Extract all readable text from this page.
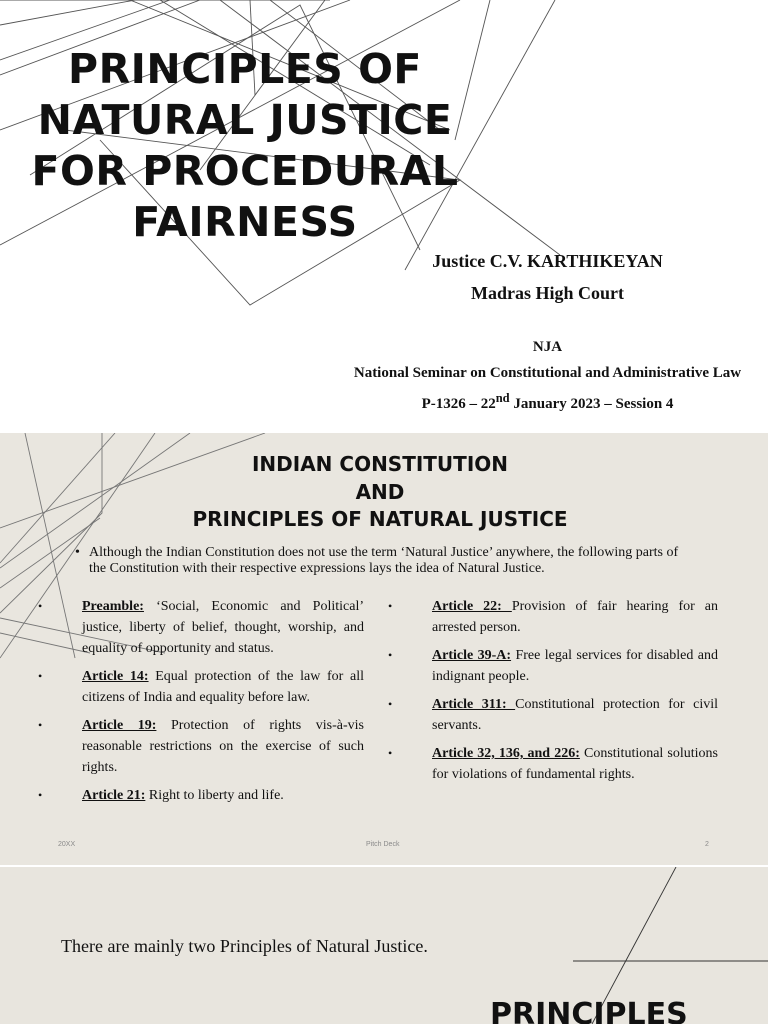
PRINCIPLES OF
NATURAL JUSTICE
FOR PROCEDURAL
FAIRNESS

Justice C.V. KARTHIKEYAN

Madras High Court

NJA

National Seminar on Constitutional and Administrative Law

P-1326 – 22nd January 2023 – Session 4

INDIAN CONSTITUTION
AND
PRINCIPLES OF NATURAL JUSTICE

• Although the Indian Constitution does not use the term ‘Natural Justice’ anywhere, the following parts of the Constitution with their respective expressions lays the idea of Natural Justice.

•	Preamble: ‘Social, Economic and Political’ justice, liberty of belief, thought, worship, and equality of opportunity and status.
•	Article 14: Equal protection of the law for all citizens of India and equality before law.
•	Article 19: Protection of rights vis-à-vis reasonable restrictions on the exercise of such rights.
•	Article 21: Right to liberty and life.
•	Article 22: Provision of fair hearing for an arrested person.
•	Article 39-A: Free legal services for disabled and indignant people.
•	Article 311: Constitutional protection for civil servants.
•	Article 32, 136, and 226: Constitutional solutions for violations of fundamental rights.

20XX	Pitch Deck	2

There are mainly two Principles of Natural Justice.

PRINCIPLES
